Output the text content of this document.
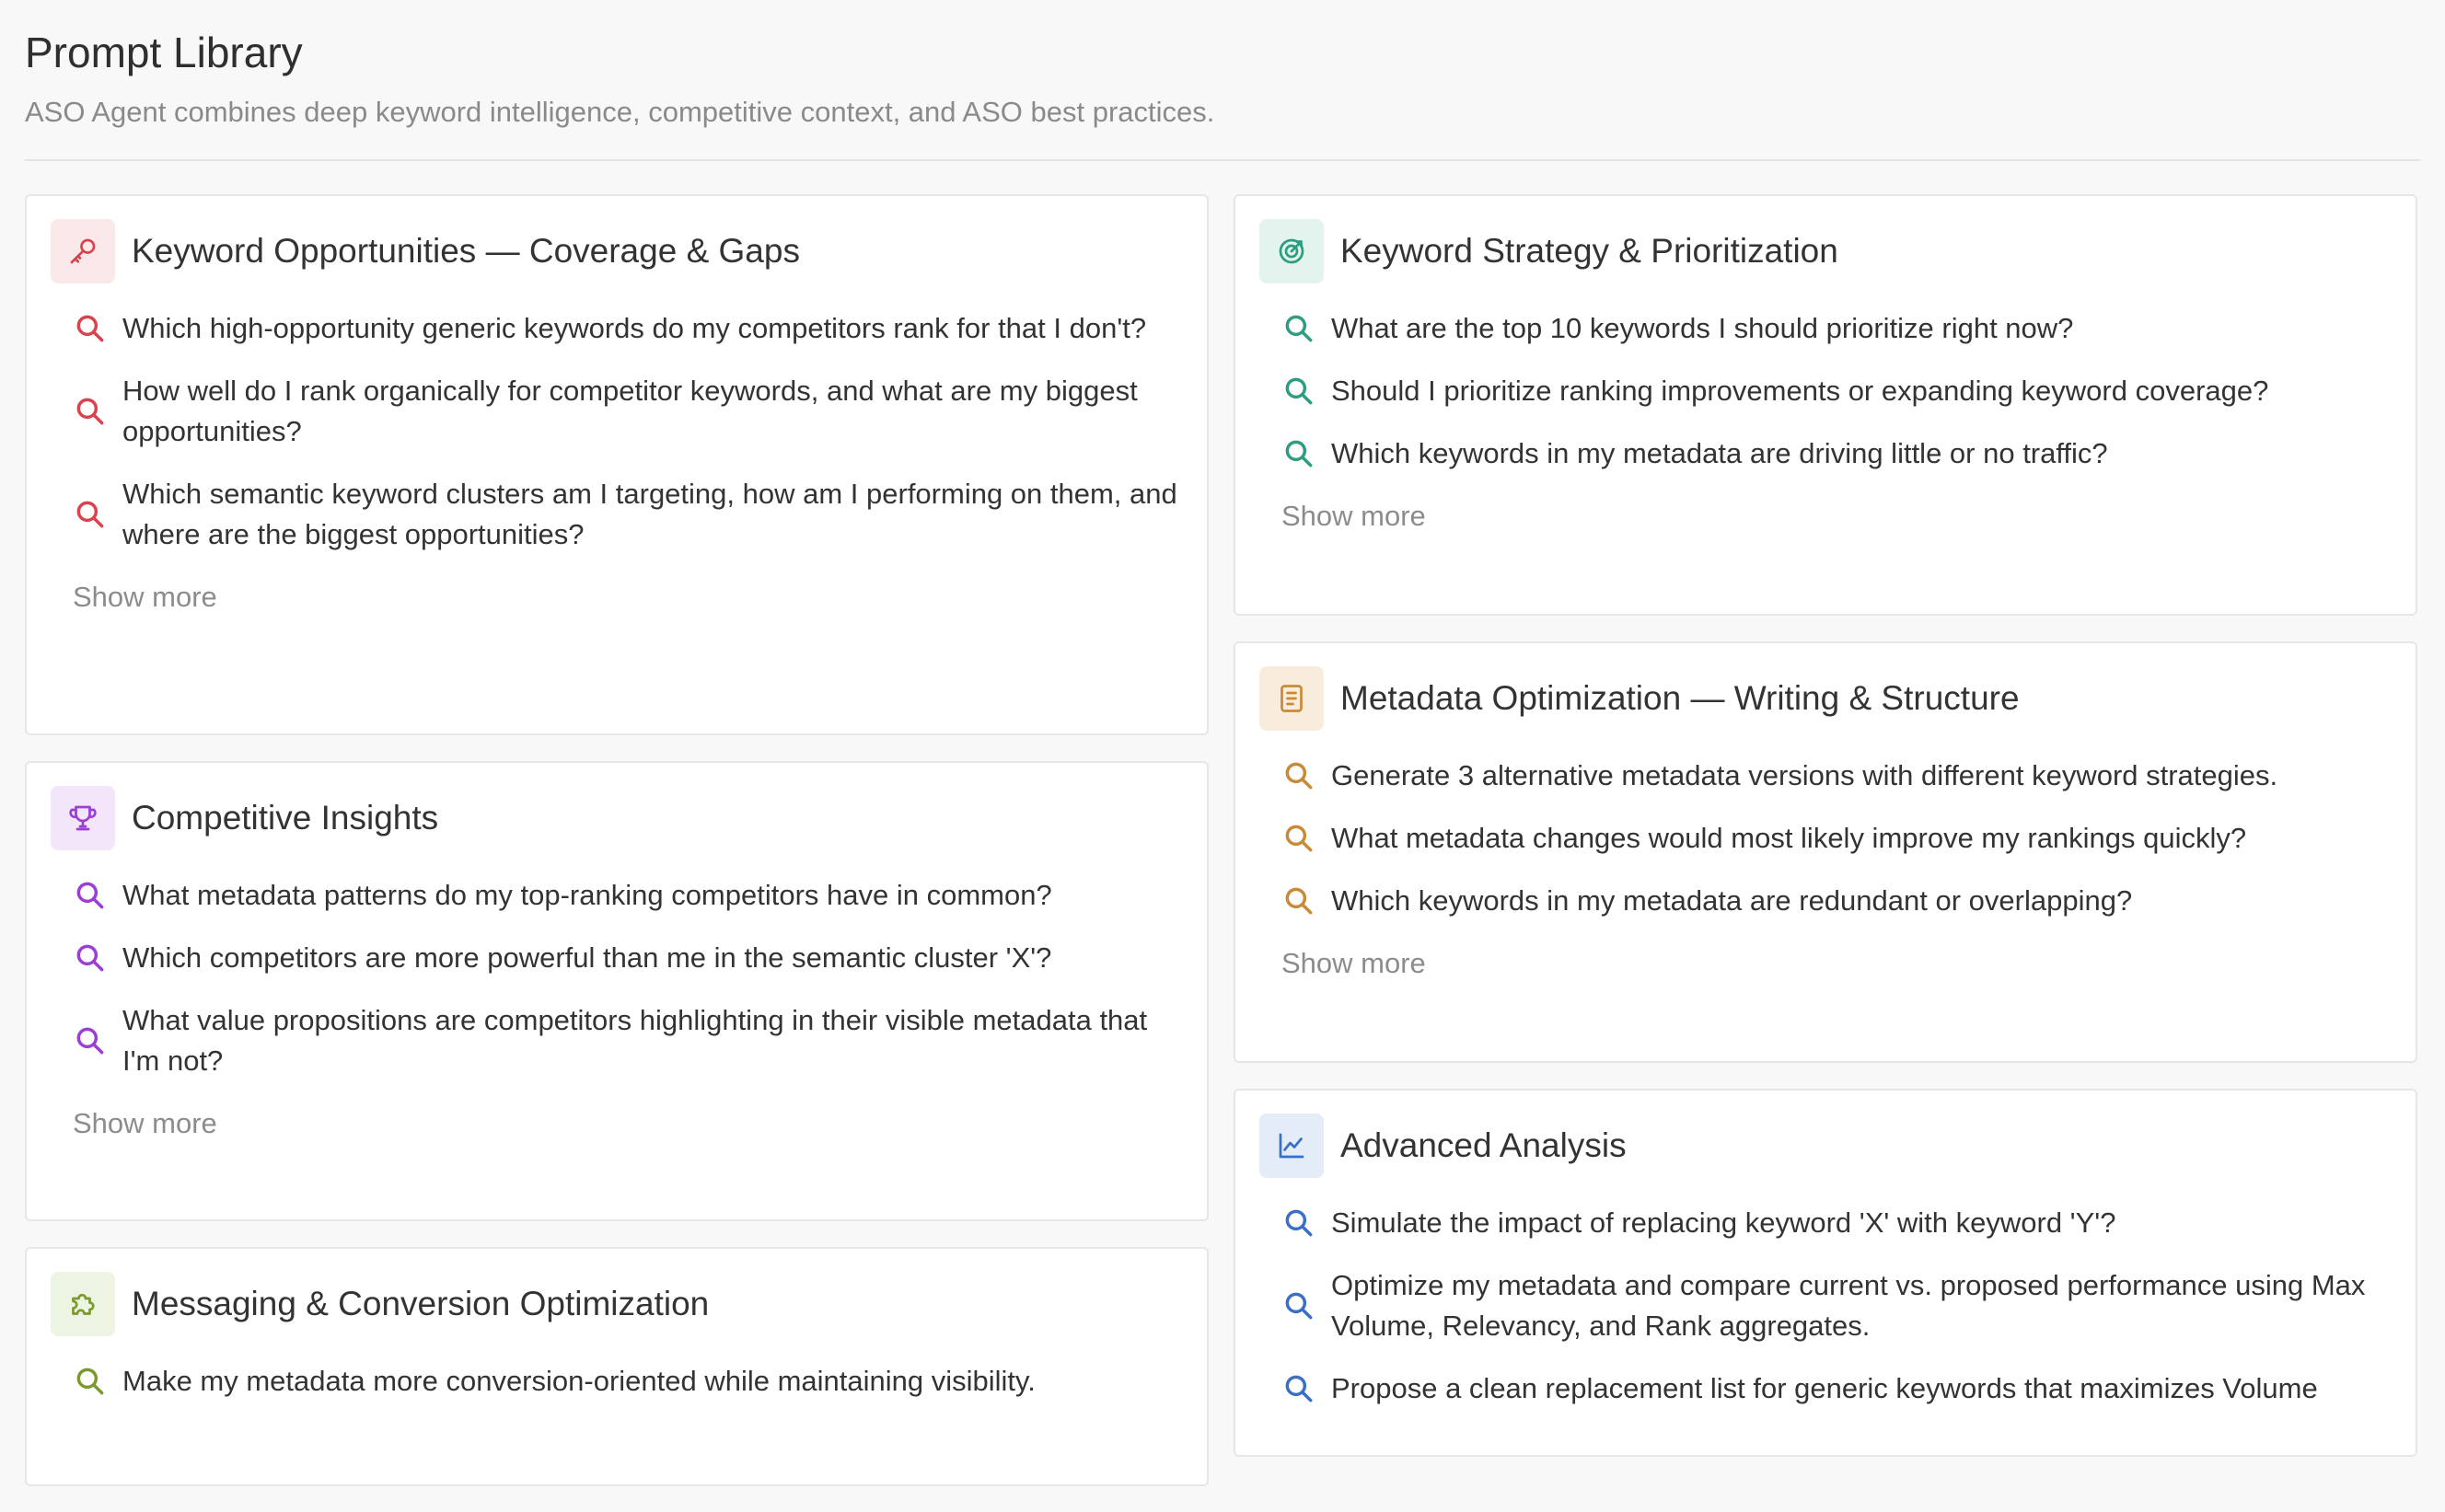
Prompt Library
ASO Agent combines deep keyword intelligence, competitive context, and ASO best practices.
Keyword Opportunities — Coverage & Gaps
Which high-opportunity generic keywords do my competitors rank for that I don't?
How well do I rank organically for competitor keywords, and what are my biggest opportunities?
Which semantic keyword clusters am I targeting, how am I performing on them, and where are the biggest opportunities?
Show more
Competitive Insights
What metadata patterns do my top-ranking competitors have in common?
Which competitors are more powerful than me in the semantic cluster 'X'?
What value propositions are competitors highlighting in their visible metadata that I'm not?
Show more
Messaging & Conversion Optimization
Make my metadata more conversion-oriented while maintaining visibility.
Keyword Strategy & Prioritization
What are the top 10 keywords I should prioritize right now?
Should I prioritize ranking improvements or expanding keyword coverage?
Which keywords in my metadata are driving little or no traffic?
Show more
Metadata Optimization — Writing & Structure
Generate 3 alternative metadata versions with different keyword strategies.
What metadata changes would most likely improve my rankings quickly?
Which keywords in my metadata are redundant or overlapping?
Show more
Advanced Analysis
Simulate the impact of replacing keyword 'X' with keyword 'Y'?
Optimize my metadata and compare current vs. proposed performance using Max Volume, Relevancy, and Rank aggregates.
Propose a clean replacement list for generic keywords that maximizes Volume
